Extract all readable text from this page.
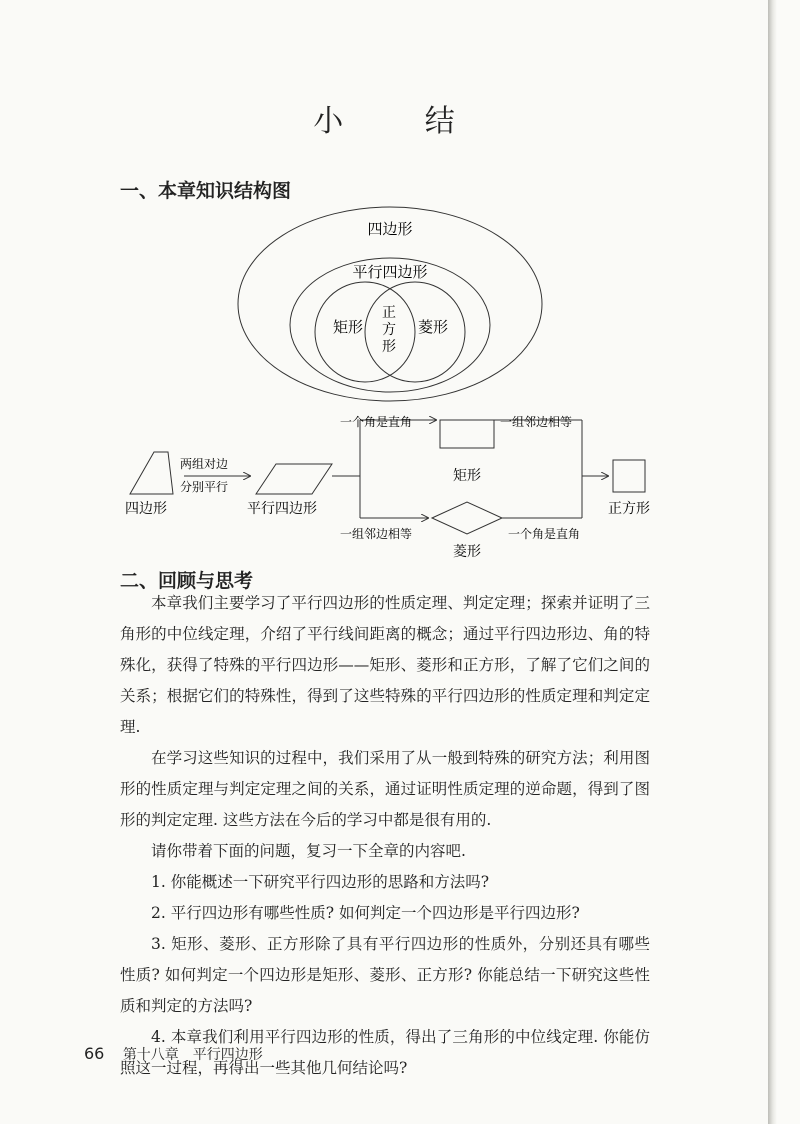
小 结
一、本章知识结构图
四边形
平行四边形
矩形
正
方
形
菱形
四边形
两组对边
分别平行
平行四边形
一个角是直角	一组邻边相等
矩形
一组邻边相等	一个角是直角
菱形
正方形
二、回顾与思考

本章我们主要学习了平行四边形的性质定理、判定定理；探索并证明了三角形的中位线定理，介绍了平行线间距离的概念；通过平行四边形边、角的特殊化，获得了特殊的平行四边形——矩形、菱形和正方形，了解了它们之间的关系；根据它们的特殊性，得到了这些特殊的平行四边形的性质定理和判定定理.

在学习这些知识的过程中，我们采用了从一般到特殊的研究方法；利用图形的性质定理与判定定理之间的关系，通过证明性质定理的逆命题，得到了图形的判定定理. 这些方法在今后的学习中都是很有用的.

请你带着下面的问题，复习一下全章的内容吧.

1. 你能概述一下研究平行四边形的思路和方法吗?

2. 平行四边形有哪些性质? 如何判定一个四边形是平行四边形?

3. 矩形、菱形、正方形除了具有平行四边形的性质外，分别还具有哪些性质? 如何判定一个四边形是矩形、菱形、正方形? 你能总结一下研究这些性质和判定的方法吗?

4. 本章我们利用平行四边形的性质，得出了三角形的中位线定理. 你能仿照这一过程，再得出一些其他几何结论吗?

66 第十八章　平行四边形
